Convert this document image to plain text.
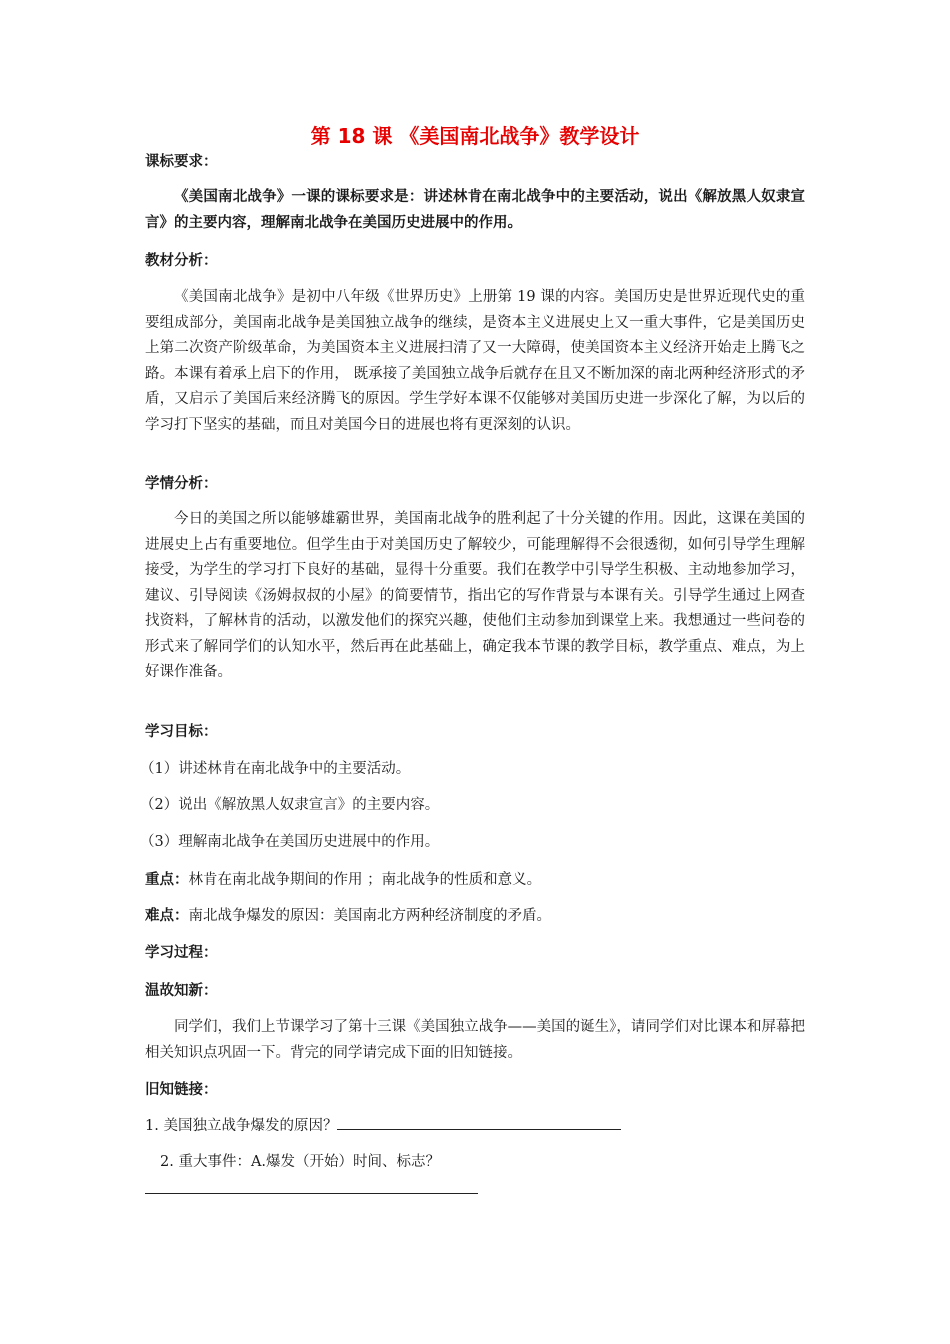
第 18 课 《美国南北战争》教学设计
课标要求：
《美国南北战争》一课的课标要求是：讲述林肯在南北战争中的主要活动，说出《解放黑人奴隶宣言》的主要内容，理解南北战争在美国历史进展中的作用。
教材分析：
《美国南北战争》是初中八年级《世界历史》上册第 19 课的内容。美国历史是世界近现代史的重要组成部分，美国南北战争是美国独立战争的继续，是资本主义进展史上又一重大事件，它是美国历史上第二次资产阶级革命，为美国资本主义进展扫清了又一大障碍，使美国资本主义经济开始走上腾飞之路。本课有着承上启下的作用， 既承接了美国独立战争后就存在且又不断加深的南北两种经济形式的矛盾，又启示了美国后来经济腾飞的原因。学生学好本课不仅能够对美国历史进一步深化了解，为以后的学习打下坚实的基础，而且对美国今日的进展也将有更深刻的认识。
学情分析：
今日的美国之所以能够雄霸世界，美国南北战争的胜利起了十分关键的作用。因此，这课在美国的进展史上占有重要地位。但学生由于对美国历史了解较少，可能理解得不会很透彻，如何引导学生理解接受，为学生的学习打下良好的基础，显得十分重要。我们在教学中引导学生积极、主动地参加学习，建议、引导阅读《汤姆叔叔的小屋》的简要情节，指出它的写作背景与本课有关。引导学生通过上网查找资料，了解林肯的活动，以激发他们的探究兴趣，使他们主动参加到课堂上来。我想通过一些问卷的形式来了解同学们的认知水平，然后再在此基础上，确定我本节课的教学目标，教学重点、难点，为上好课作准备。
学习目标：
（1）讲述林肯在南北战争中的主要活动。
（2）说出《解放黑人奴隶宣言》的主要内容。
（3）理解南北战争在美国历史进展中的作用。
重点：林肯在南北战争期间的作用 ；南北战争的性质和意义。
难点：南北战争爆发的原因：美国南北方两种经济制度的矛盾。
学习过程：
温故知新：
同学们，我们上节课学习了第十三课《美国独立战争——美国的诞生》，请同学们对比课本和屏幕把相关知识点巩固一下。背完的同学请完成下面的旧知链接。
旧知链接：
1. 美国独立战争爆发的原因？
2. 重大事件：A.爆发（开始）时间、标志？
